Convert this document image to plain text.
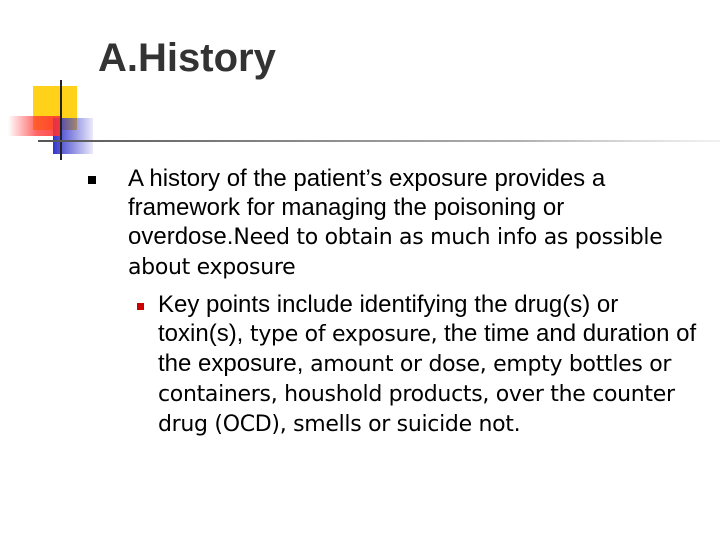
A.History
A history of the patient’s exposure provides a framework for managing the poisoning or overdose.Need to obtain as much info as possible about exposure
Key points include identifying the drug(s) or toxin(s), type of exposure, the time and duration of the exposure, amount or dose, empty bottles or containers, houshold products, over the counter drug (OCD), smells or suicide not.
